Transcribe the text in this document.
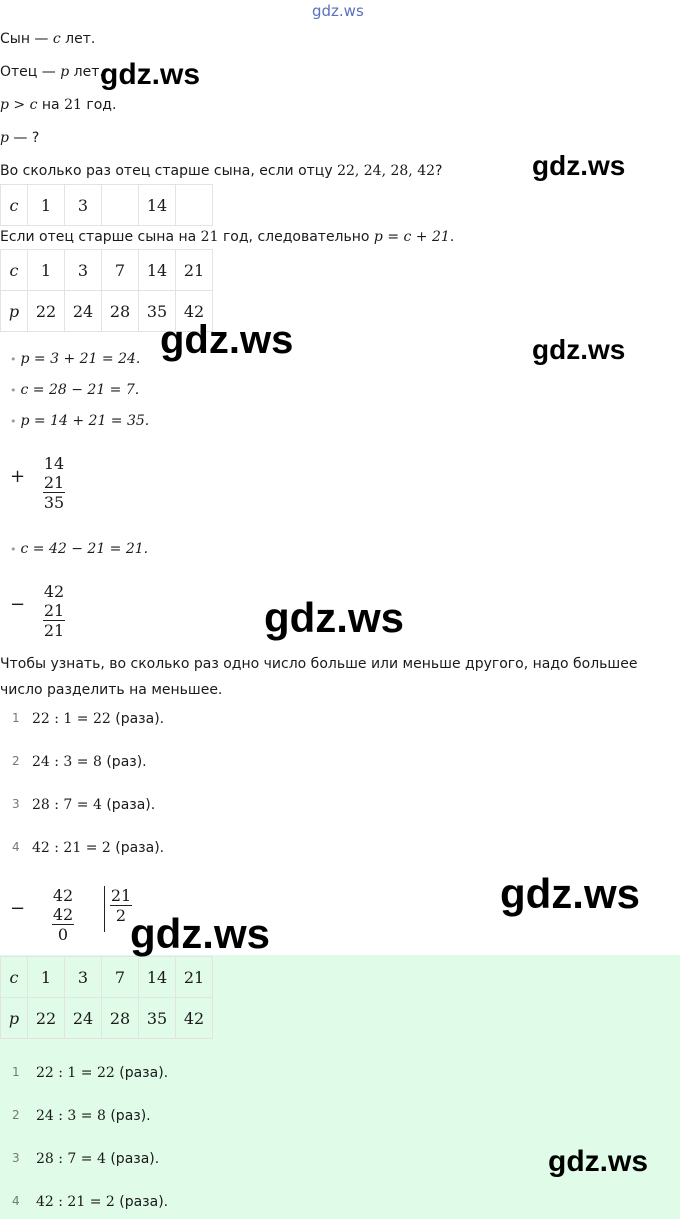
gdz.ws
Сын — c лет.
Отец — p лет.
p > c на 21 год.
p — ?
Во сколько раз отец старше сына, если отцу 22, 24, 28, 42?
c	1	3		14	
Если отец старше сына на 21 год, следовательно p = c + 21.
c	1	3	7	14	21
p	22	24	28	35	42
• p = 3 + 21 = 24.
• c = 28 − 21 = 7.
• p = 14 + 21 = 35.
+
14
21
35
• c = 42 − 21 = 21.
−
42
21
21
Чтобы узнать, во сколько раз одно число больше или меньше другого, надо большее
число разделить на меньшее.
1 22 : 1 = 22 (раза).
2 24 : 3 = 8 (раз).
3 28 : 7 = 4 (раза).
4 42 : 21 = 2 (раза).
−
42
42
0
21
2
c	1	3	7	14	21
p	22	24	28	35	42
1 22 : 1 = 22 (раза).
2 24 : 3 = 8 (раз).
3 28 : 7 = 4 (раза).
4 42 : 21 = 2 (раза).
gdz.ws
gdz.ws
gdz.ws	gdz.ws
gdz.ws
gdz.ws
gdz.ws
gdz.ws
